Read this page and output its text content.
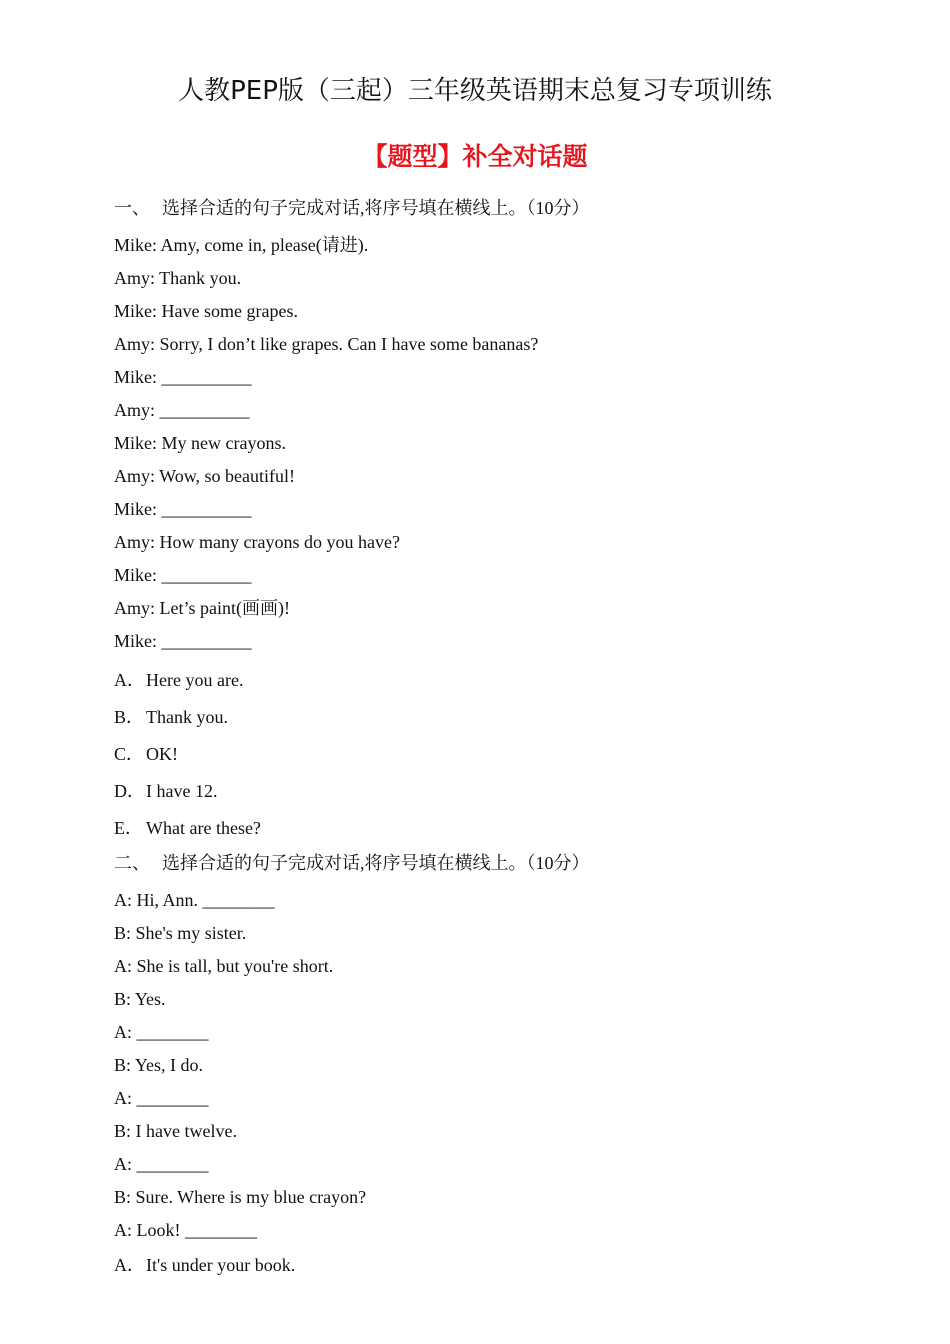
人教PEP版（三起）三年级英语期末总复习专项训练
【题型】补全对话题
一、 选择合适的句子完成对话,将序号填在横线上。（10分）
Mike: Amy, come in, please(请进).
Amy: Thank you.
Mike: Have some grapes.
Amy: Sorry, I don’t like grapes. Can I have some bananas?
Mike: __________
Amy: __________
Mike: My new crayons.
Amy: Wow, so beautiful!
Mike: __________
Amy: How many crayons do you have?
Mike: __________
Amy: Let’s paint(画画)!
Mike: __________
A．Here you are.
B． Thank you.
C． OK!
D．I have 12.
E． What are these?
二、 选择合适的句子完成对话,将序号填在横线上。（10分）
A: Hi, Ann. ________
B: She's my sister.
A: She is tall, but you're short.
B: Yes.
A: ________
B: Yes, I do.
A: ________
B: I have twelve.
A: ________
B: Sure. Where is my blue crayon?
A: Look! ________
A．It's under your book.
